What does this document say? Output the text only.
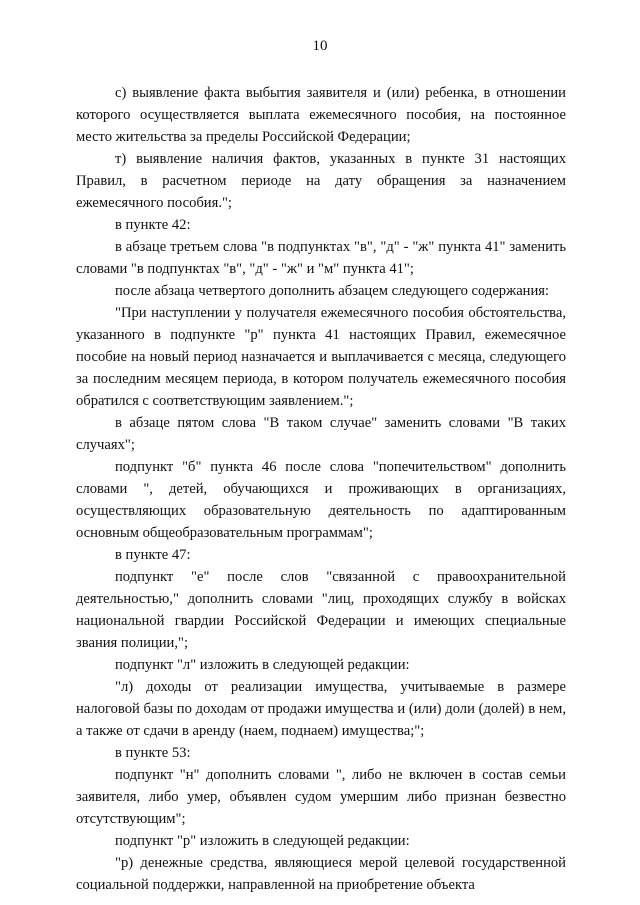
10

с) выявление факта выбытия заявителя и (или) ребенка, в отношении которого осуществляется выплата ежемесячного пособия, на постоянное место жительства за пределы Российской Федерации;

т) выявление наличия фактов, указанных в пункте 31 настоящих Правил, в расчетном периоде на дату обращения за назначением ежемесячного пособия.";

в пункте 42:

в абзаце третьем слова "в подпунктах "в", "д" - "ж" пункта 41" заменить словами "в подпунктах "в", "д" - "ж" и "м" пункта 41";

после абзаца четвертого дополнить абзацем следующего содержания:

"При наступлении у получателя ежемесячного пособия обстоятельства, указанного в подпункте "р" пункта 41 настоящих Правил, ежемесячное пособие на новый период назначается и выплачивается с месяца, следующего за последним месяцем периода, в котором получатель ежемесячного пособия обратился с соответствующим заявлением.";

в абзаце пятом слова "В таком случае" заменить словами "В таких случаях";

подпункт "б" пункта 46 после слова "попечительством" дополнить словами ", детей, обучающихся и проживающих в организациях, осуществляющих образовательную деятельность по адаптированным основным общеобразовательным программам";

в пункте 47:

подпункт "е" после слов "связанной с правоохранительной деятельностью," дополнить словами "лиц, проходящих службу в войсках национальной гвардии Российской Федерации и имеющих специальные звания полиции,";

подпункт "л" изложить в следующей редакции:

"л) доходы от реализации имущества, учитываемые в размере налоговой базы по доходам от продажи имущества и (или) доли (долей) в нем, а также от сдачи в аренду (наем, поднаем) имущества;";

в пункте 53:

подпункт "н" дополнить словами ", либо не включен в состав семьи заявителя, либо умер, объявлен судом умершим либо признан безвестно отсутствующим";

подпункт "р" изложить в следующей редакции:

"р) денежные средства, являющиеся мерой целевой государственной социальной поддержки, направленной на приобретение объекта
